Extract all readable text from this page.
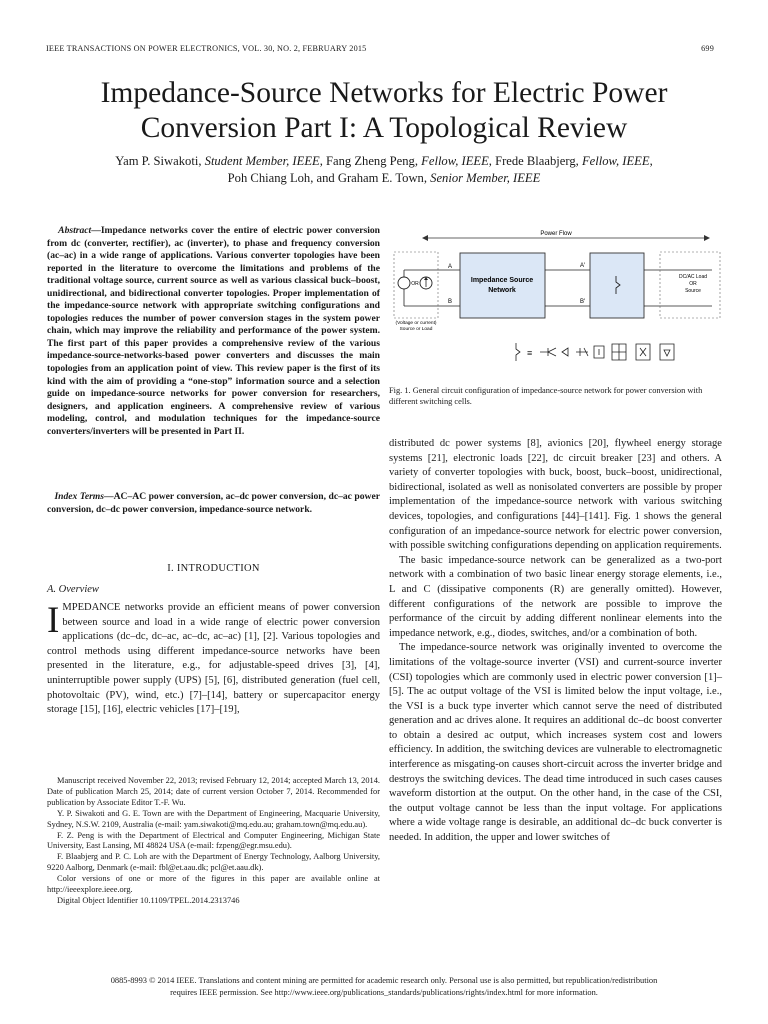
IEEE TRANSACTIONS ON POWER ELECTRONICS, VOL. 30, NO. 2, FEBRUARY 2015	699
Impedance-Source Networks for Electric Power
Conversion Part I: A Topological Review
Yam P. Siwakoti, Student Member, IEEE, Fang Zheng Peng, Fellow, IEEE, Frede Blaabjerg, Fellow, IEEE,
Poh Chiang Loh, and Graham E. Town, Senior Member, IEEE
Abstract—Impedance networks cover the entire of electric power conversion from dc (converter, rectifier), ac (inverter), to phase and frequency conversion (ac–ac) in a wide range of applications. Various converter topologies have been reported in the literature to overcome the limitations and problems of the traditional voltage source, current source as well as various classical buck–boost, unidirectional, and bidirectional converter topologies. Proper implementation of the impedance-source network with appropriate switching configurations and topologies reduces the number of power conversion stages in the system power chain, which may improve the reliability and performance of the power system. The first part of this paper provides a comprehensive review of the various impedance-source-networks-based power converters and discusses the main topologies from an application point of view. This review paper is the first of its kind with the aim of providing a “one-stop” information source and a selection guide on impedance-source networks for power conversion for researchers, designers, and application engineers. A comprehensive review of various modeling, control, and modulation techniques for the impedance-source converters/inverters will be presented in Part II.
Index Terms—AC–AC power conversion, ac–dc power conversion, dc–ac power conversion, dc–dc power conversion, impedance-source network.
I. INTRODUCTION
A. Overview

IMPEDANCE networks provide an efficient means of power conversion between source and load in a wide range of electric power conversion applications (dc–dc, dc–ac, ac–dc, ac–ac) [1], [2]. Various topologies and control methods using different impedance-source networks have been presented in the literature, e.g., for adjustable-speed drives [3], [4], uninterruptible power supply (UPS) [5], [6], distributed generation (fuel cell, photovoltaic (PV), wind, etc.) [7]–[14], battery or supercapacitor energy storage [15], [16], electric vehicles [17]–[19],

Manuscript received November 22, 2013; revised February 12, 2014; accepted March 13, 2014. Date of publication March 25, 2014; date of current version October 7, 2014. Recommended for publication by Associate Editor T.-F. Wu.

Y. P. Siwakoti and G. E. Town are with the Department of Engineering, Macquarie University, Sydney, N.S.W. 2109, Australia (e-mail: yam.siwakoti@mq.edu.au; graham.town@mq.edu.au).

F. Z. Peng is with the Department of Electrical and Computer Engineering, Michigan State University, East Lansing, MI 48824 USA (e-mail: fzpeng@egr.msu.edu).

F. Blaabjerg and P. C. Loh are with the Department of Energy Technology, Aalborg University, 9220 Aalborg, Denmark (e-mail: fbl@et.aau.dk; pcl@et.aau.dk).

Color versions of one or more of the figures in this paper are available online at http://ieeexplore.ieee.org.

Digital Object Identifier 10.1109/TPEL.2014.2313746

Power Flow
OR
(Voltage or current)
Source or Load
A
B
Impedance Source
Network
A′
B′
DC/AC Load
OR
Source
≡
Fig. 1. General circuit configuration of impedance-source network for power conversion with different switching cells.

distributed dc power systems [8], avionics [20], flywheel energy storage systems [21], electronic loads [22], dc circuit breaker [23] and others. A variety of converter topologies with buck, boost, buck–boost, unidirectional, bidirectional, isolated as well as nonisolated converters are possible by proper implementation of the impedance-source network with various switching devices, topologies, and configurations [44]–[141]. Fig. 1 shows the general configuration of an impedance-source network for electric power conversion, with possible switching configurations depending on application requirements.

The basic impedance-source network can be generalized as a two-port network with a combination of two basic linear energy storage elements, i.e., L and C (dissipative components (R) are generally omitted). However, different configurations of the network are possible to improve the performance of the circuit by adding different nonlinear elements into the impedance network, e.g., diodes, switches, and/or a combination of both.

The impedance-source network was originally invented to overcome the limitations of the voltage-source inverter (VSI) and current-source inverter (CSI) topologies which are commonly used in electric power conversion [1]–[5]. The ac output voltage of the VSI is limited below the input voltage, i.e., the VSI is a buck type inverter which cannot serve the need of distributed generation and ac drives alone. It requires an additional dc–dc boost converter to obtain a desired ac output, which increases system cost and lowers efficiency. In addition, the switching devices are vulnerable to electromagnetic interference as misgating-on causes short-circuit across the inverter bridge and destroys the switching devices. The dead time introduced in such cases causes waveform distortion at the output. On the other hand, in the case of the CSI, the output voltage cannot be less than the input voltage. For applications where a wide voltage range is desirable, an additional dc–dc buck converter is needed. In addition, the upper and lower switches of

0885-8993 © 2014 IEEE. Translations and content mining are permitted for academic research only. Personal use is also permitted, but republication/redistribution
requires IEEE permission. See http://www.ieee.org/publications_standards/publications/rights/index.html for more information.
